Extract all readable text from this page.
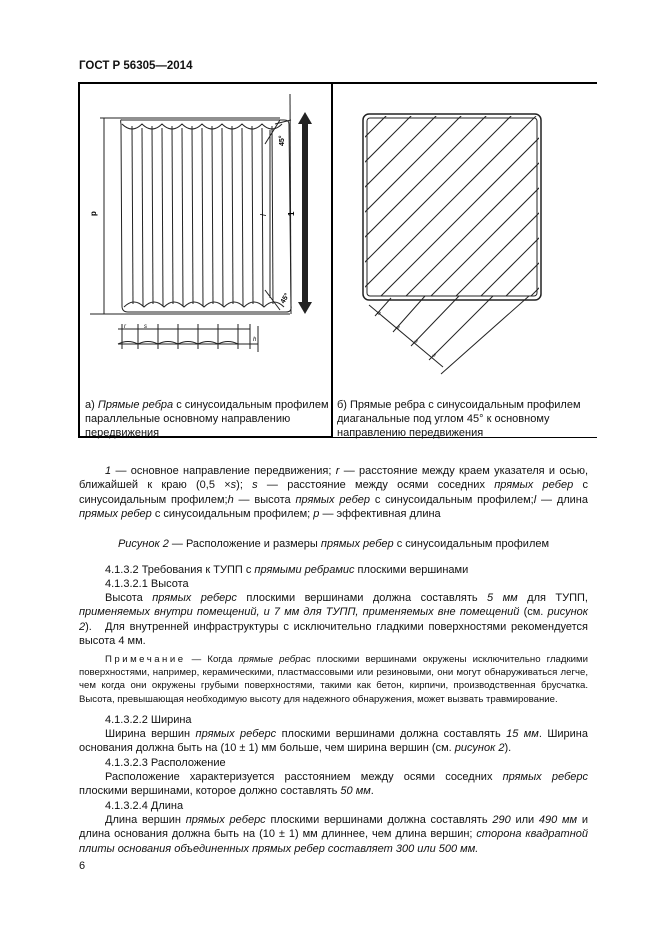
ГОСТ Р 56305—2014
p	l 1
45°
45°
r	s
h
а) Прямые ребра с синусоидальным профилем параллельные основному направлению передвижения
s
s
s
s
б) Прямые ребра с синусоидальным профилем диаганальные под углом 45° к основному направлению передвижения
1 — основное направление передвижения; r — расстояние между краем указателя и осью, ближайшей к краю (0,5 ×s); s — расстояние между осями соседних прямых ребер с синусоидальным профилем;h — высота прямых ребер с синусоидальным профилем;l — длина прямых ребер с синусоидальным профилем; p — эффективная длина
Рисунок 2 — Расположение и размеры прямых ребер с синусоидальным профилем
4.1.3.2 Требования к ТУПП с прямыми ребрамис плоскими вершинами
4.1.3.2.1 Высота
Высота прямых реберс плоскими вершинами должна составлять 5 мм для ТУПП, применяемых внутри помещений, и 7 мм для ТУПП, применяемых вне помещений (см. рисунок 2).	Для внутренней инфраструктуры с исключительно гладкими поверхностями рекомендуется высота 4 мм.
Примечание — Когда прямые ребрас плоскими вершинами окружены исключительно гладкими поверхностями, например, керамическими, пластмассовыми или резиновыми, они могут обнаруживаться легче, чем когда они окружены грубыми поверхностями, такими как бетон, кирпичи, производственная брусчатка. Высота, превышающая необходимую высоту для надежного обнаружения, может вызвать травмирование.
4.1.3.2.2 Ширина
Ширина вершин прямых реберс плоскими вершинами должна составлять 15 мм. Ширина основания должна быть на (10 ± 1) мм больше, чем ширина вершин (см. рисунок 2).
4.1.3.2.3 Расположение
Расположение характеризуется расстоянием между осями соседних прямых реберс плоскими вершинами, которое должно составлять 50 мм.
4.1.3.2.4 Длина
Длина вершин прямых реберс плоскими вершинами должна составлять 290 или 490 мм и длина основания должна быть на (10 ± 1) мм длиннее, чем длина вершин; сторона квадратной плиты основания объединенных прямых ребер составляет 300 или 500 мм.
6
